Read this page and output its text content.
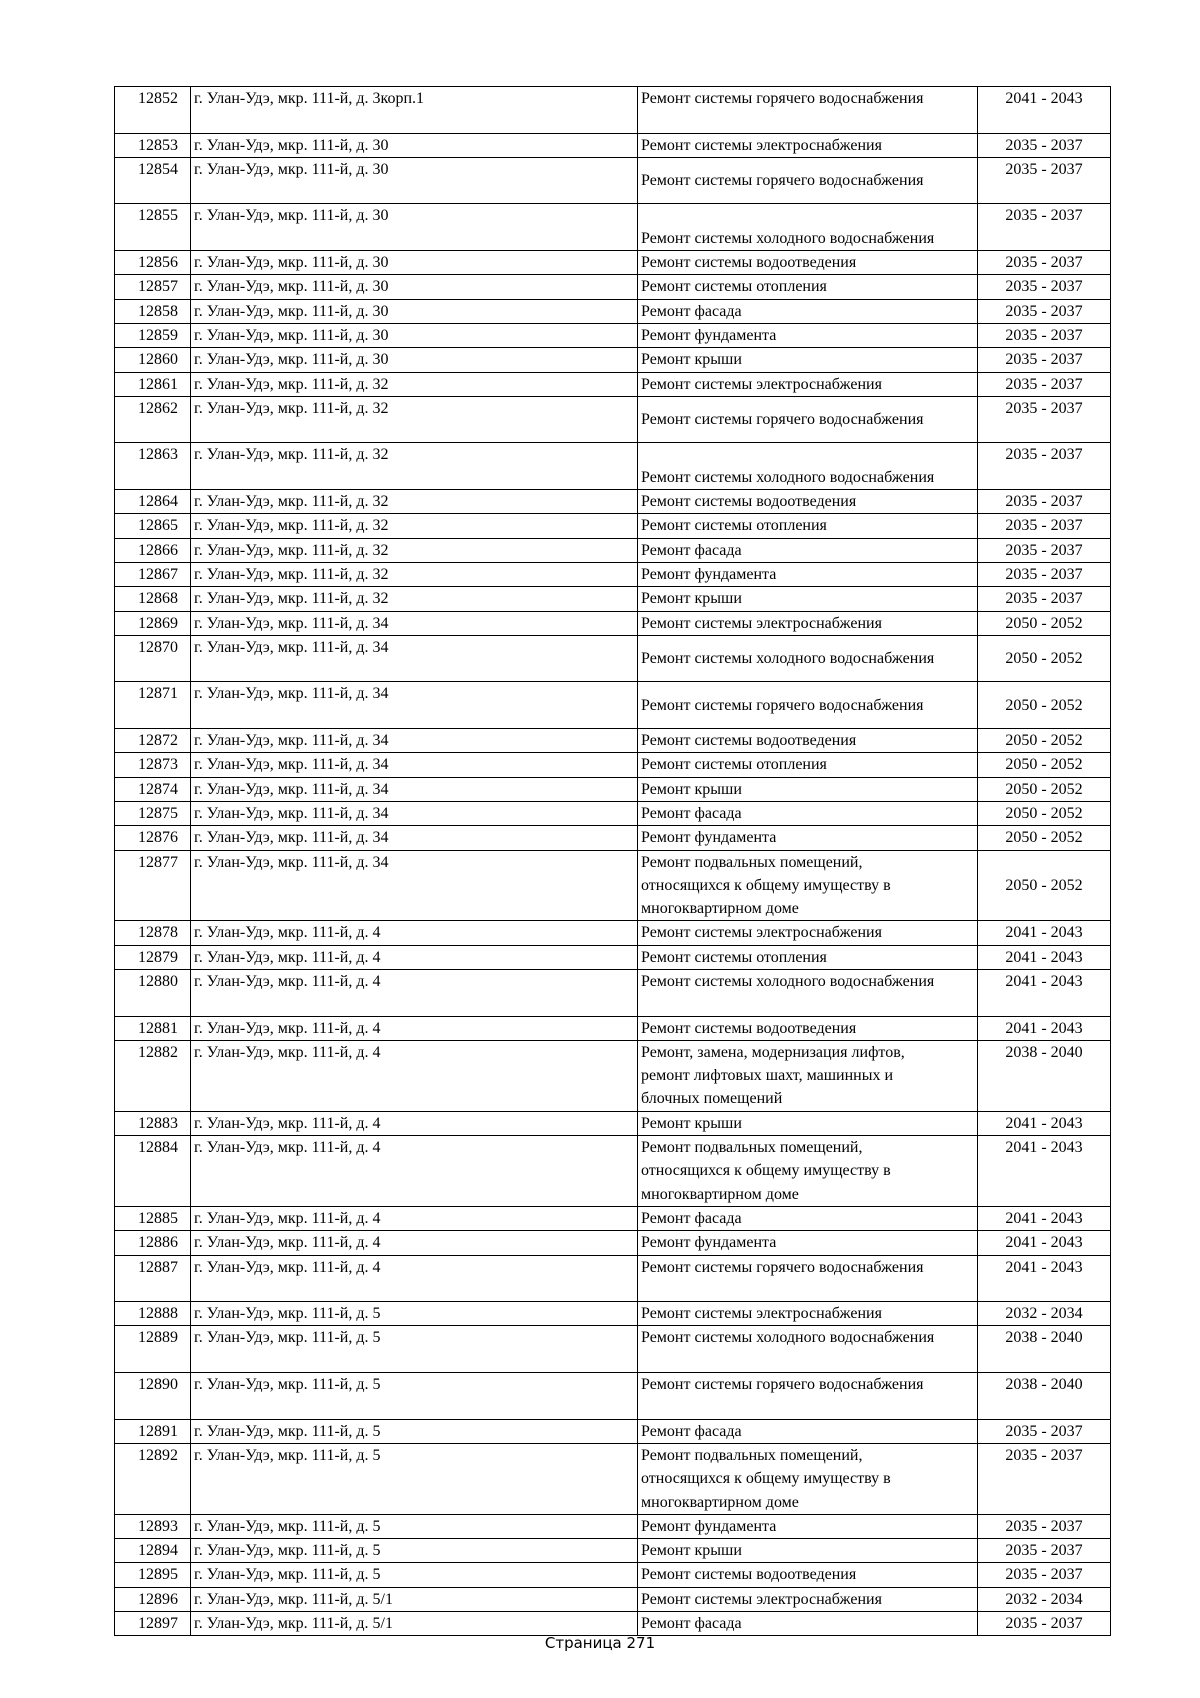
12852	г. Улан-Удэ, мкр. 111-й, д. 3корп.1	Ремонт системы горячего водоснабжения	2041 - 2043
12853	г. Улан-Удэ, мкр. 111-й, д. 30	Ремонт системы электроснабжения	2035 - 2037
12854	г. Улан-Удэ, мкр. 111-й, д. 30	Ремонт системы горячего водоснабжения	2035 - 2037
12855	г. Улан-Удэ, мкр. 111-й, д. 30	Ремонт системы холодного водоснабжения	2035 - 2037
12856	г. Улан-Удэ, мкр. 111-й, д. 30	Ремонт системы водоотведения	2035 - 2037
12857	г. Улан-Удэ, мкр. 111-й, д. 30	Ремонт системы отопления	2035 - 2037
12858	г. Улан-Удэ, мкр. 111-й, д. 30	Ремонт фасада	2035 - 2037
12859	г. Улан-Удэ, мкр. 111-й, д. 30	Ремонт фундамента	2035 - 2037
12860	г. Улан-Удэ, мкр. 111-й, д. 30	Ремонт крыши	2035 - 2037
12861	г. Улан-Удэ, мкр. 111-й, д. 32	Ремонт системы электроснабжения	2035 - 2037
12862	г. Улан-Удэ, мкр. 111-й, д. 32	Ремонт системы горячего водоснабжения	2035 - 2037
12863	г. Улан-Удэ, мкр. 111-й, д. 32	Ремонт системы холодного водоснабжения	2035 - 2037
12864	г. Улан-Удэ, мкр. 111-й, д. 32	Ремонт системы водоотведения	2035 - 2037
12865	г. Улан-Удэ, мкр. 111-й, д. 32	Ремонт системы отопления	2035 - 2037
12866	г. Улан-Удэ, мкр. 111-й, д. 32	Ремонт фасада	2035 - 2037
12867	г. Улан-Удэ, мкр. 111-й, д. 32	Ремонт фундамента	2035 - 2037
12868	г. Улан-Удэ, мкр. 111-й, д. 32	Ремонт крыши	2035 - 2037
12869	г. Улан-Удэ, мкр. 111-й, д. 34	Ремонт системы электроснабжения	2050 - 2052
12870	г. Улан-Удэ, мкр. 111-й, д. 34	Ремонт системы холодного водоснабжения	2050 - 2052
12871	г. Улан-Удэ, мкр. 111-й, д. 34	Ремонт системы горячего водоснабжения	2050 - 2052
12872	г. Улан-Удэ, мкр. 111-й, д. 34	Ремонт системы водоотведения	2050 - 2052
12873	г. Улан-Удэ, мкр. 111-й, д. 34	Ремонт системы отопления	2050 - 2052
12874	г. Улан-Удэ, мкр. 111-й, д. 34	Ремонт крыши	2050 - 2052
12875	г. Улан-Удэ, мкр. 111-й, д. 34	Ремонт фасада	2050 - 2052
12876	г. Улан-Удэ, мкр. 111-й, д. 34	Ремонт фундамента	2050 - 2052
12877	г. Улан-Удэ, мкр. 111-й, д. 34	Ремонт подвальных помещений,
относящихся к общему имуществу в
многоквартирном доме	2050 - 2052
12878	г. Улан-Удэ, мкр. 111-й, д. 4	Ремонт системы электроснабжения	2041 - 2043
12879	г. Улан-Удэ, мкр. 111-й, д. 4	Ремонт системы отопления	2041 - 2043
12880	г. Улан-Удэ, мкр. 111-й, д. 4	Ремонт системы холодного водоснабжения	2041 - 2043
12881	г. Улан-Удэ, мкр. 111-й, д. 4	Ремонт системы водоотведения	2041 - 2043
12882	г. Улан-Удэ, мкр. 111-й, д. 4	Ремонт, замена, модернизация лифтов,
ремонт лифтовых шахт, машинных и
блочных помещений	2038 - 2040
12883	г. Улан-Удэ, мкр. 111-й, д. 4	Ремонт крыши	2041 - 2043
12884	г. Улан-Удэ, мкр. 111-й, д. 4	Ремонт подвальных помещений,
относящихся к общему имуществу в
многоквартирном доме	2041 - 2043
12885	г. Улан-Удэ, мкр. 111-й, д. 4	Ремонт фасада	2041 - 2043
12886	г. Улан-Удэ, мкр. 111-й, д. 4	Ремонт фундамента	2041 - 2043
12887	г. Улан-Удэ, мкр. 111-й, д. 4	Ремонт системы горячего водоснабжения	2041 - 2043
12888	г. Улан-Удэ, мкр. 111-й, д. 5	Ремонт системы электроснабжения	2032 - 2034
12889	г. Улан-Удэ, мкр. 111-й, д. 5	Ремонт системы холодного водоснабжения	2038 - 2040
12890	г. Улан-Удэ, мкр. 111-й, д. 5	Ремонт системы горячего водоснабжения	2038 - 2040
12891	г. Улан-Удэ, мкр. 111-й, д. 5	Ремонт фасада	2035 - 2037
12892	г. Улан-Удэ, мкр. 111-й, д. 5	Ремонт подвальных помещений,
относящихся к общему имуществу в
многоквартирном доме	2035 - 2037
12893	г. Улан-Удэ, мкр. 111-й, д. 5	Ремонт фундамента	2035 - 2037
12894	г. Улан-Удэ, мкр. 111-й, д. 5	Ремонт крыши	2035 - 2037
12895	г. Улан-Удэ, мкр. 111-й, д. 5	Ремонт системы водоотведения	2035 - 2037
12896	г. Улан-Удэ, мкр. 111-й, д. 5/1	Ремонт системы электроснабжения	2032 - 2034
12897	г. Улан-Удэ, мкр. 111-й, д. 5/1	Ремонт фасада	2035 - 2037
Страница 271
